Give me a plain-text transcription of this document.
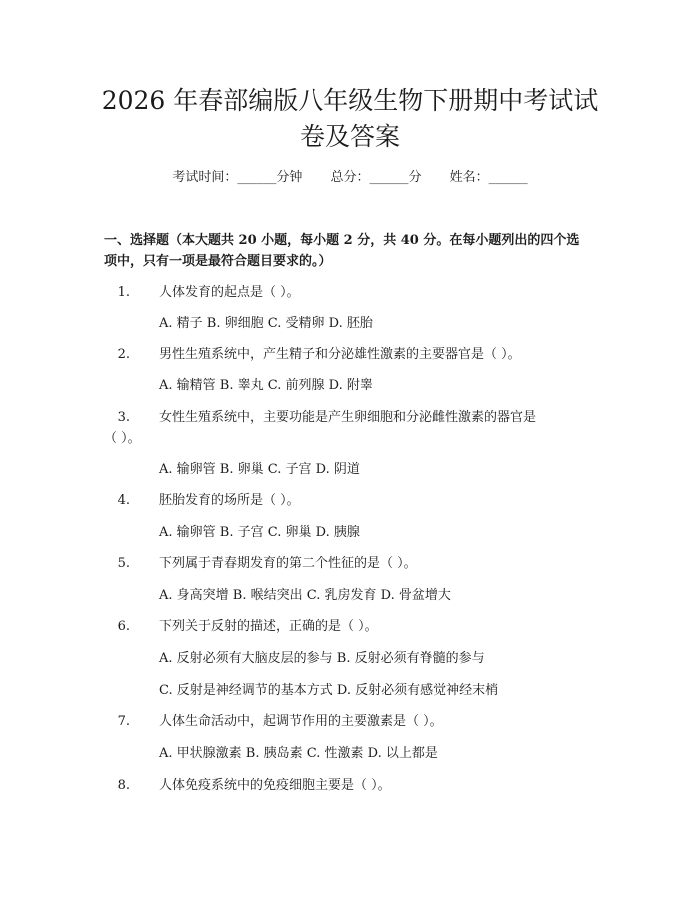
2026 年春部编版八年级生物下册期中考试试
卷及答案
考试时间：______分钟 总分：______分 姓名：______
一、选择题（本大题共 20 小题，每小题 2 分，共 40 分。在每小题列出的四个选
项中，只有一项是最符合题目要求的。）
1. 人体发育的起点是（ ）。
A. 精子 B. 卵细胞 C. 受精卵 D. 胚胎
2. 男性生殖系统中，产生精子和分泌雄性激素的主要器官是（ ）。
A. 输精管 B. 睾丸 C. 前列腺 D. 附睾
3. 女性生殖系统中，主要功能是产生卵细胞和分泌雌性激素的器官是
（ ）。
A. 输卵管 B. 卵巢 C. 子宫 D. 阴道
4. 胚胎发育的场所是（ ）。
A. 输卵管 B. 子宫 C. 卵巢 D. 胰腺
5. 下列属于青春期发育的第二个性征的是（ ）。
A. 身高突增 B. 喉结突出 C. 乳房发育 D. 骨盆增大
6. 下列关于反射的描述，正确的是（ ）。
A. 反射必须有大脑皮层的参与 B. 反射必须有脊髓的参与
C. 反射是神经调节的基本方式 D. 反射必须有感觉神经末梢
7. 人体生命活动中，起调节作用的主要激素是（ ）。
A. 甲状腺激素 B. 胰岛素 C. 性激素 D. 以上都是
8. 人体免疫系统中的免疫细胞主要是（ ）。
